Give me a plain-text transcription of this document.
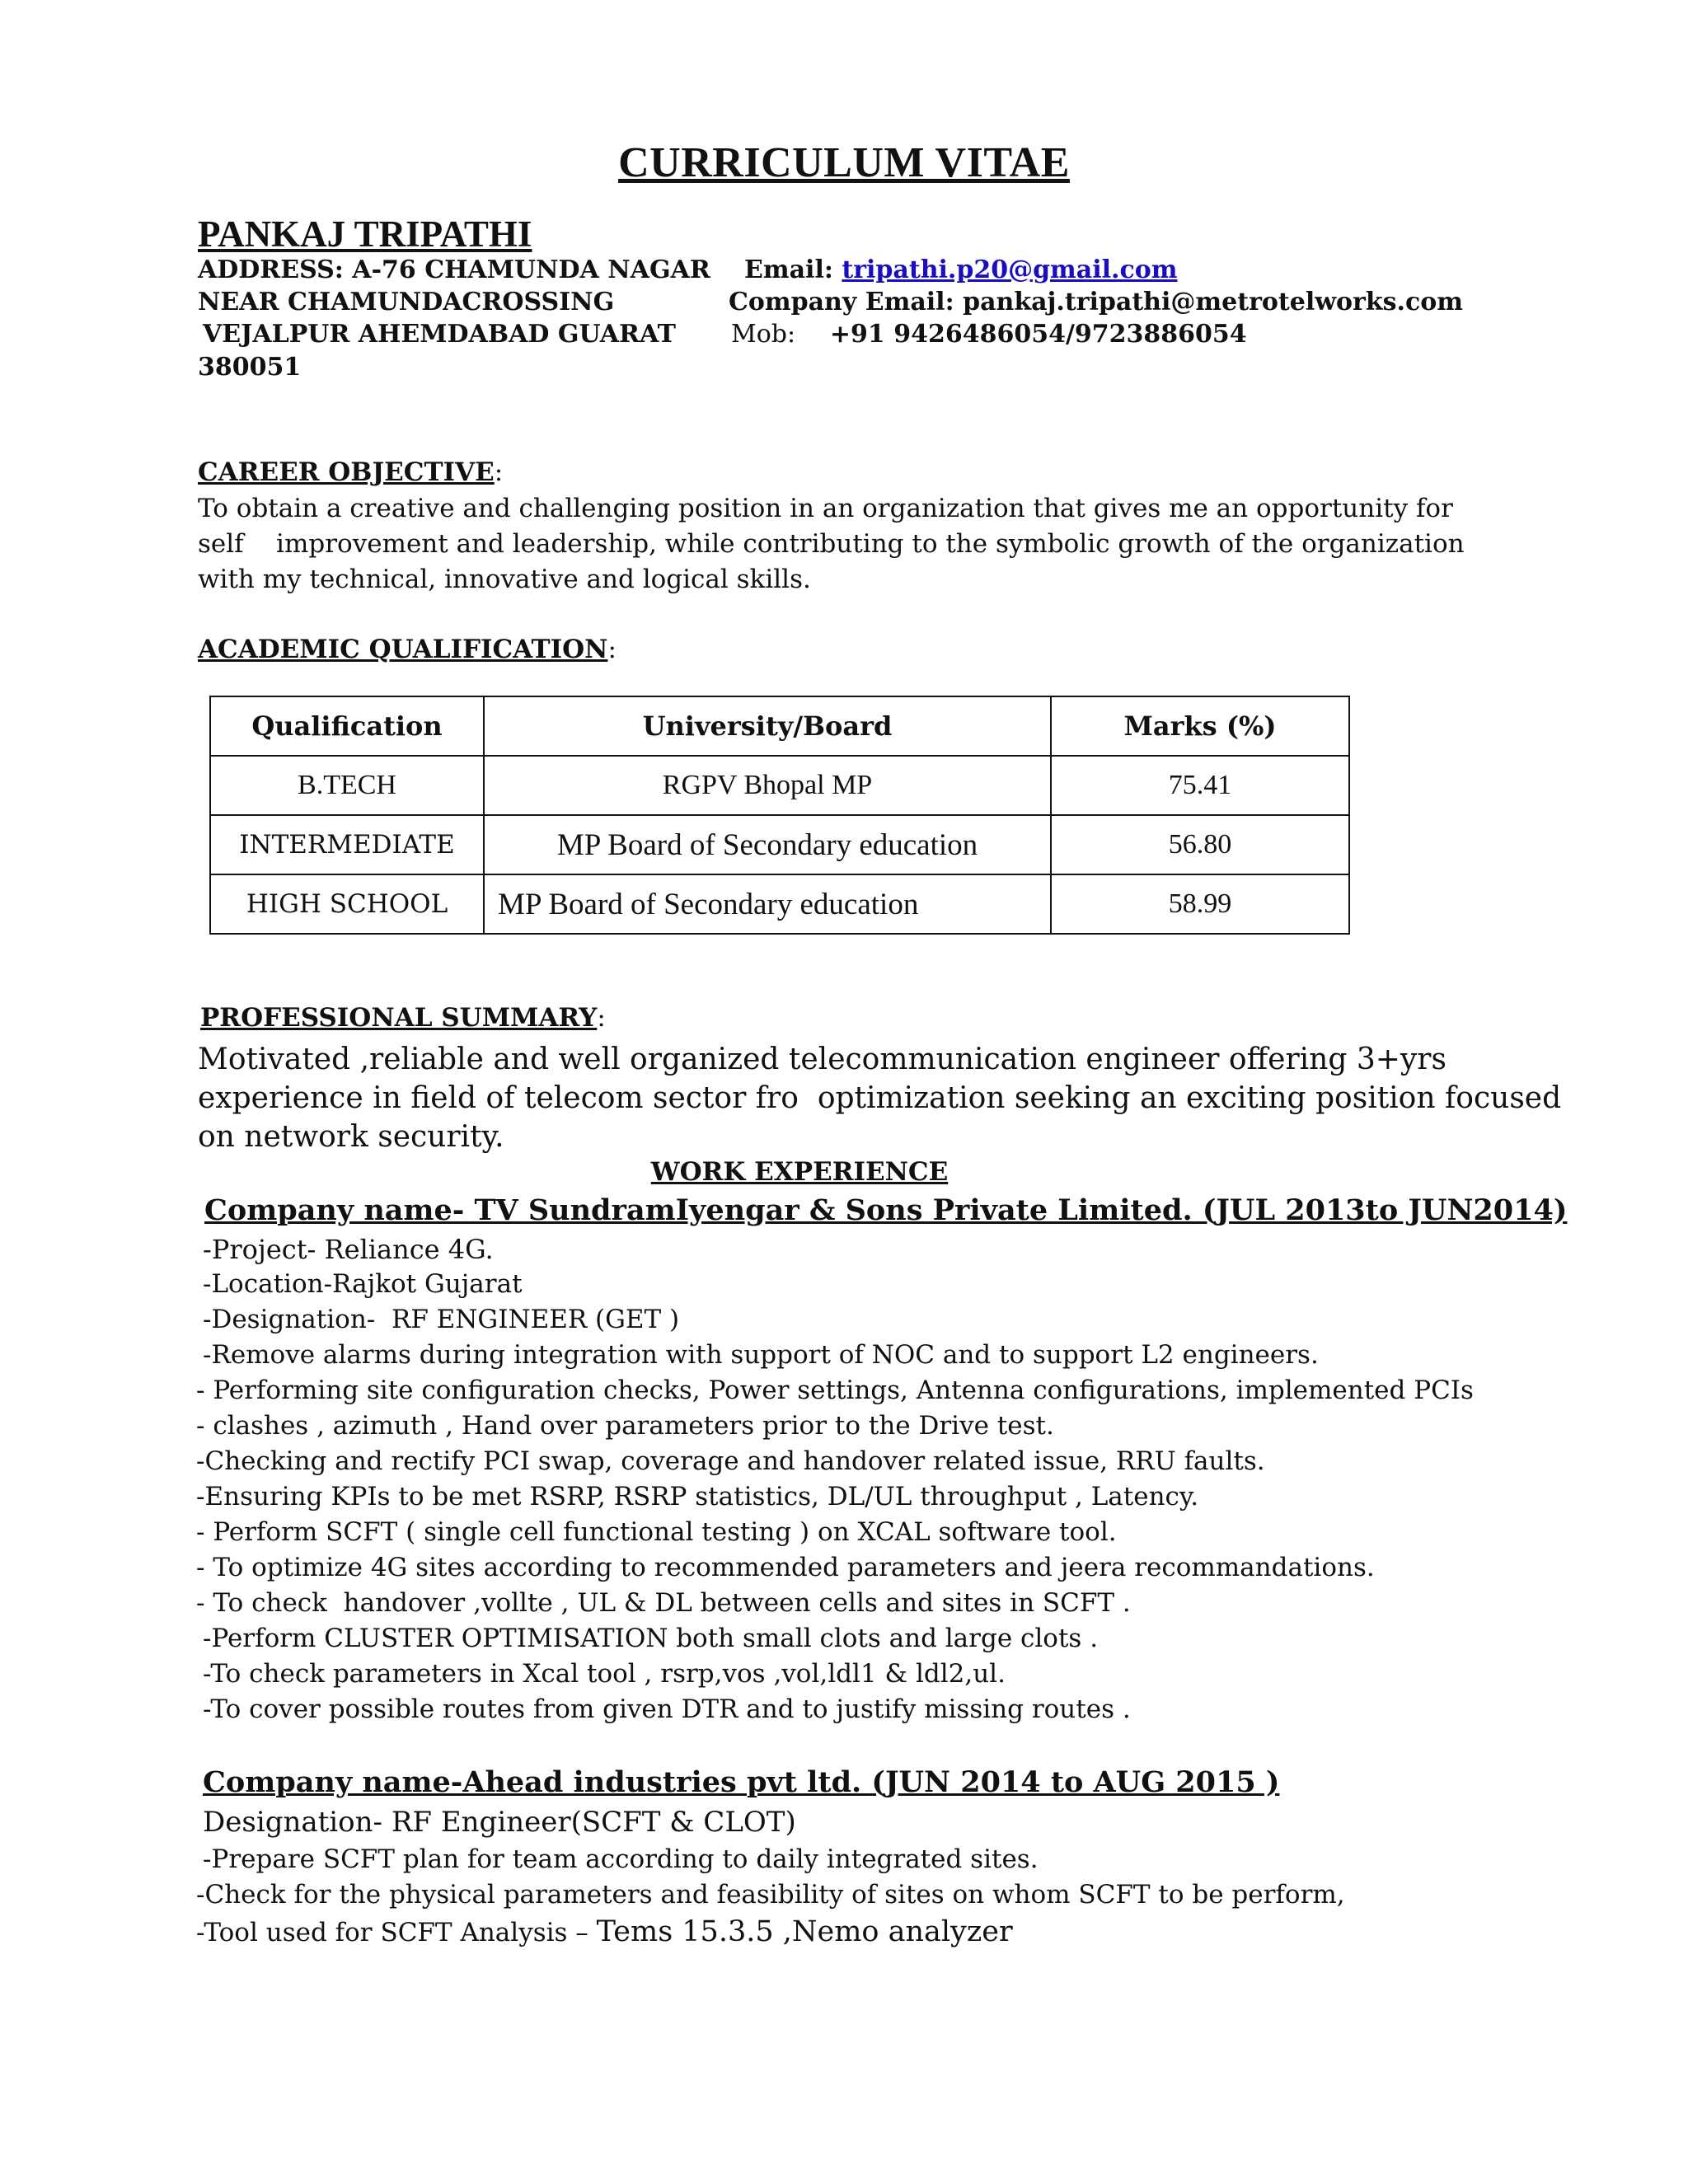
CURRICULUM VITAE
PANKAJ TRIPATHI
ADDRESS: A-76 CHAMUNDA NAGAR
NEAR CHAMUNDACROSSING
VEJALPUR AHEMDABAD GUARAT
380051
Email: tripathi.p20@gmail.com
Company Email: pankaj.tripathi@metrotelworks.com
Mob: +91 9426486054/9723886054
CAREER OBJECTIVE:
To obtain a creative and challenging position in an organization that gives me an opportunity for
self    improvement and leadership, while contributing to the symbolic growth of the organization
with my technical, innovative and logical skills.
ACADEMIC QUALIFICATION:
Qualification	University/Board	Marks (%)
B.TECH	RGPV Bhopal MP	75.41
INTERMEDIATE	MP Board of Secondary education	56.80
HIGH SCHOOL	MP Board of Secondary education	58.99
PROFESSIONAL SUMMARY:
Motivated ,reliable and well organized telecommunication engineer offering 3+yrs
experience in field of telecom sector fro  optimization seeking an exciting position focused
on network security.
WORK EXPERIENCE
Company name- TV SundramIyengar & Sons Private Limited. (JUL 2013to JUN2014)
-Project- Reliance 4G.
-Location-Rajkot Gujarat
-Designation-  RF ENGINEER (GET )
-Remove alarms during integration with support of NOC and to support L2 engineers.
- Performing site configuration checks, Power settings, Antenna configurations, implemented PCIs
- clashes , azimuth , Hand over parameters prior to the Drive test.
-Checking and rectify PCI swap, coverage and handover related issue, RRU faults.
-Ensuring KPIs to be met RSRP, RSRP statistics, DL/UL throughput , Latency.
- Perform SCFT ( single cell functional testing ) on XCAL software tool.
- To optimize 4G sites according to recommended parameters and jeera recommandations.
- To check  handover ,vollte , UL & DL between cells and sites in SCFT .
-Perform CLUSTER OPTIMISATION both small clots and large clots .
-To check parameters in Xcal tool , rsrp,vos ,vol,ldl1 & ldl2,ul.
-To cover possible routes from given DTR and to justify missing routes .
Company name-Ahead industries pvt ltd. (JUN 2014 to AUG 2015 )
Designation- RF Engineer(SCFT & CLOT)
-Prepare SCFT plan for team according to daily integrated sites.
-Check for the physical parameters and feasibility of sites on whom SCFT to be perform,
-Tool used for SCFT Analysis – Tems 15.3.5 ,Nemo analyzer
